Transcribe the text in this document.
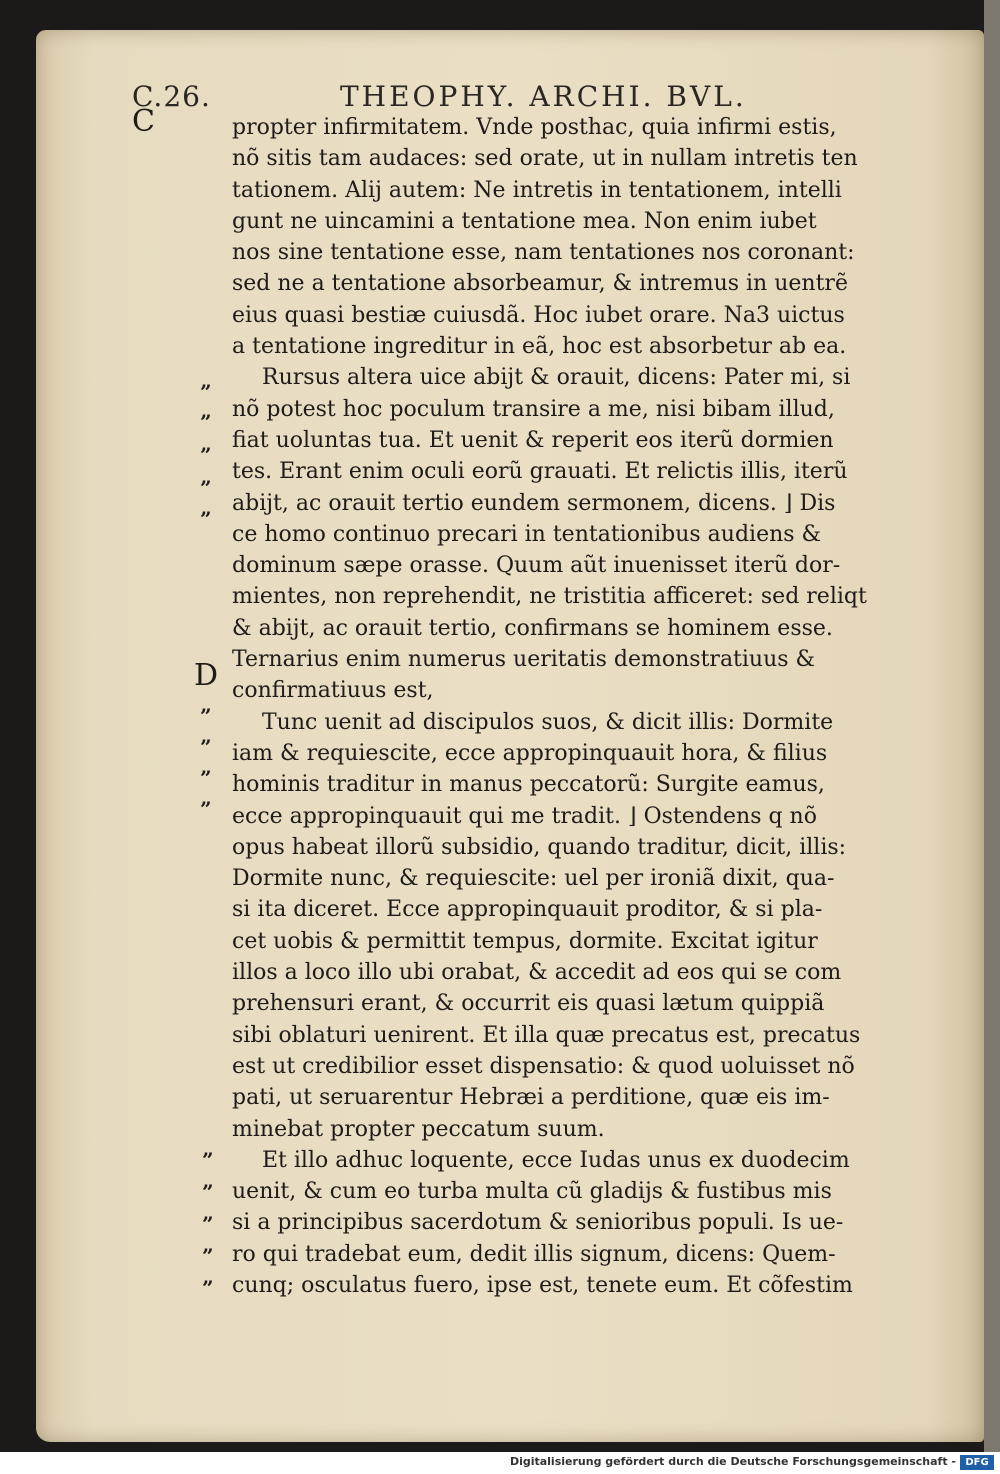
C.26.	THEOPHY. ARCHI. BVL.
C
”
”
”
”
”
D
”
”
”
”
”
”
”
”
”
propter infirmitatem. Vnde posthac, quia infirmi estis,
nõ sitis tam audaces: sed orate, ut in nullam intretis ten
tationem. Alij autem: Ne intretis in tentationem, intelli
gunt ne uincamini a tentatione mea. Non enim iubet
nos sine tentatione esse, nam tentationes nos coronant:
sed ne a tentatione absorbeamur, & intremus in uentrẽ
eius quasi bestiæ cuiusdã. Hoc iubet orare. Na3 uictus
a tentatione ingreditur in eã, hoc est absorbetur ab ea.
Rursus altera uice abijt & orauit, dicens: Pater mi, si
nõ potest hoc poculum transire a me, nisi bibam illud,
fiat uoluntas tua. Et uenit & reperit eos iterũ dormien
tes. Erant enim oculi eorũ grauati. Et relictis illis, iterũ
abijt, ac orauit tertio eundem sermonem, dicens. ⌋ Dis
ce homo continuo precari in tentationibus audiens &
dominum sæpe orasse. Quum aũt inuenisset iterũ dor-
mientes, non reprehendit, ne tristitia afficeret: sed reliqt
& abijt, ac orauit tertio, confirmans se hominem esse.
Ternarius enim numerus ueritatis demonstratiuus &
confirmatiuus est,
Tunc uenit ad discipulos suos, & dicit illis: Dormite
iam & requiescite, ecce appropinquauit hora, & filius
hominis traditur in manus peccatorũ: Surgite eamus,
ecce appropinquauit qui me tradit. ⌋ Ostendens q nõ
opus habeat illorũ subsidio, quando traditur, dicit, illis:
Dormite nunc, & requiescite: uel per ironiã dixit, qua-
si ita diceret. Ecce appropinquauit proditor, & si pla-
cet uobis & permittit tempus, dormite. Excitat igitur
illos a loco illo ubi orabat, & accedit ad eos qui se com
prehensuri erant, & occurrit eis quasi lætum quippiã
sibi oblaturi uenirent. Et illa quæ precatus est, precatus
est ut credibilior esset dispensatio: & quod uoluisset nõ
pati, ut seruarentur Hebræi a perditione, quæ eis im-
minebat propter peccatum suum.
Et illo adhuc loquente, ecce Iudas unus ex duodecim
uenit, & cum eo turba multa cũ gladijs & fustibus mis
si a principibus sacerdotum & senioribus populi. Is ue-
ro qui tradebat eum, dedit illis signum, dicens: Quem-
cunq; osculatus fuero, ipse est, tenete eum. Et cõfestim
Digitalisierung gefördert durch die Deutsche Forschungsgemeinschaft - DFG
